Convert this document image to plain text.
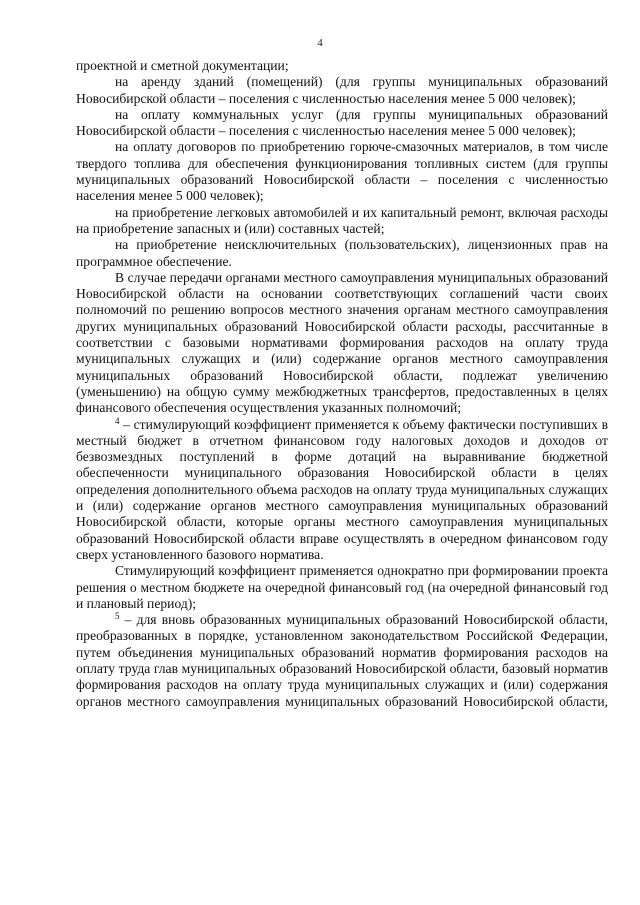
4

проектной и сметной документации;

на аренду зданий (помещений) (для группы муниципальных образований Новосибирской области – поселения с численностью населения менее 5 000 человек);

на оплату коммунальных услуг (для группы муниципальных образований Новосибирской области – поселения с численностью населения менее 5 000 человек);

на оплату договоров по приобретению горюче-смазочных материалов, в том числе твердого топлива для обеспечения функционирования топливных систем (для группы муниципальных образований Новосибирской области – поселения с численностью населения менее 5 000 человек);

на приобретение легковых автомобилей и их капитальный ремонт, включая расходы на приобретение запасных и (или) составных частей;

на приобретение неисключительных (пользовательских), лицензионных прав на программное обеспечение.

В случае передачи органами местного самоуправления муниципальных образований Новосибирской области на основании соответствующих соглашений части своих полномочий по решению вопросов местного значения органам местного самоуправления других муниципальных образований Новосибирской области расходы, рассчитанные в соответствии с базовыми нормативами формирования расходов на оплату труда муниципальных служащих и (или) содержание органов местного самоуправления муниципальных образований Новосибирской области, подлежат увеличению (уменьшению) на общую сумму межбюджетных трансфертов, предоставленных в целях финансового обеспечения осуществления указанных полномочий;

$^4$ – стимулирующий коэффициент применяется к объему фактически поступивших в местный бюджет в отчетном финансовом году налоговых доходов и доходов от безвозмездных поступлений в форме дотаций на выравнивание бюджетной обеспеченности муниципального образования Новосибирской области в целях определения дополнительного объема расходов на оплату труда муниципальных служащих и (или) содержание органов местного самоуправления муниципальных образований Новосибирской области, которые органы местного самоуправления муниципальных образований Новосибирской области вправе осуществлять в очередном финансовом году сверх установленного базового норматива.

Стимулирующий коэффициент применяется однократно при формировании проекта решения о местном бюджете на очередной финансовый год (на очередной финансовый год и плановый период);

$^5$ – для вновь образованных муниципальных образований Новосибирской области, преобразованных в порядке, установленном законодательством Российской Федерации, путем объединения муниципальных образований норматив формирования расходов на оплату труда глав муниципальных образований Новосибирской области, базовый норматив формирования расходов на оплату труда муниципальных служащих и (или) содержания органов местного самоуправления муниципальных образований Новосибирской области,
